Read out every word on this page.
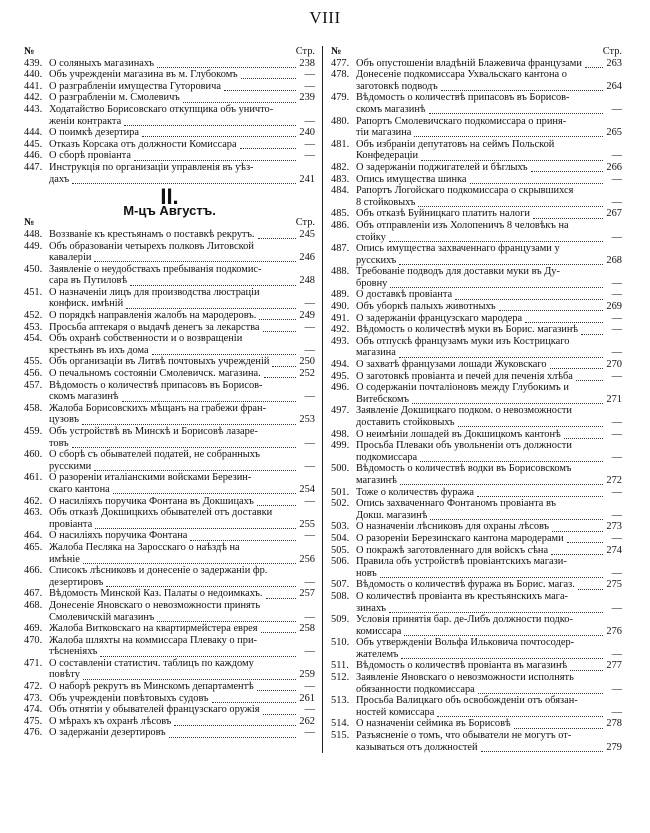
VIII
№	Стр.
439. О соляныхъ магазинахъ	238
440. Объ учрежденіи магазина въ м. Глубокомъ	—
441. О разграбленіи имущества Гуторовича	—
442. О разграбленіи м. Смолевичъ	239
443. Ходатайство Борисовскаго откупщика объ уничто-
женіи контракта	—
444. О поимкѣ дезертира	240
445. Отказъ Корсака отъ должности Комиссара	—
446. О сборѣ провіанта	—
447. Инструкція по организаціи управленія въ уѣз-
дахъ	241
II.
М-цъ Августъ.
№	Стр.
448. Воззваніе къ крестьянамъ о поставкѣ рекрутъ.	245
449. Объ образованіи четырехъ полковъ Литовской
кавалеріи	246
450. Заявленіе о неудобствахъ пребыванія подкомис-
сара въ Путиловѣ	248
451. О назначеніи лицъ для производства люстраціи
конфиск. имѣній	—
452. О порядкѣ направленія жалобъ на мародеровъ.	249
453. Просьба аптекаря о выдачѣ денегъ за лекарства	—
454. Объ охранѣ собственности и о возвращеніи
крестьянъ въ ихъ дома	—
455. Объ организаціи въ Литвѣ почтовыхъ учрежденій	250
456. О печальномъ состояніи Смолевичск. магазина.	252
457. Вѣдомость о количествѣ припасовъ въ Борисов-
скомъ магазинѣ	—
458. Жалоба Борисовскихъ мѣщанъ на грабежи фран-
цузовъ	253
459. Объ устройствѣ въ Минскѣ и Борисовѣ лазаре-
товъ	—
460. О сборѣ съ обывателей податей, не собранныхъ
русскими	—
461. О разореніи италіанскими войсками Березин-
скаго кантона	254
462. О насиліяхъ поручика Фонтана въ Докшицахъ	—
463. Объ отказѣ Докшицкихъ обывателей отъ доставки
провіанта	255
464. О насиліяхъ поручика Фонтана	—
465. Жалоба Песляка на Заросскаго о наѣздѣ на
имѣніе	256
466. Списокъ лѣсниковъ и донесеніе о задержаніи фр.
дезертировъ	—
467. Вѣдомость Минской Каз. Палаты о недоимкахъ.	257
468. Донесеніе Яновскаго о невозможности принять
Смолевичскій магазинъ	—
469. Жалоба Витковскаго на квартирмейстера еврея	258
470. Жалоба шляхты на коммиссара Плеваку о при-
тѣсненіяхъ	—
471. О составленіи статистич. таблицъ по каждому
повѣту	259
472. О наборѣ рекрутъ въ Минскомъ департаментѣ	—
473. Объ учрежденіи повѣтовыхъ судовъ	261
474. Объ отнятіи у обывателей французскаго оружія	—
475. О мѣрахъ къ охранѣ лѣсовъ	262
476. О задержаніи дезертировъ	—
№	Стр.
477. Объ опустошеніи владѣній Блажевича французами 263
478. Донесеніе подкомиссара Ухвальскаго кантона о
заготовкѣ подводъ	264
479. Вѣдомость о количествѣ припасовъ въ Борисов-
скомъ магазинѣ	—
480. Рапортъ Смолевичскаго подкомиссара о приня-
тіи магазина	265
481. Объ избраніи депутатовъ на сеймъ Польской
Конфедераціи	—
482. О задержаніи поджигателей и бѣглыхъ	266
483. Опись имущества шинка	—
484. Рапортъ Логойскаго подкомиссара о скрывшихся
8 стойковыхъ	—
485. Объ отказѣ Буйницкаго платить налоги	267
486. Объ отправленіи изъ Холопеничъ 8 человѣкъ на
стойку	—
487. Опись имущества захваченнаго французами у
русскихъ	268
488. Требованіе подводъ для доставки муки въ Ду-
бровну	—
489. О доставкѣ провіанта	—
490. Объ уборкѣ палыхъ животныхъ	269
491. О задержаніи французскаго мародера	—
492. Вѣдомость о количествѣ муки въ Борис. магазинѣ	—
493. Объ отпускѣ французамъ муки изъ Кострицкаго
магазина	—
494. О захватѣ французами лошади Жуковскаго	270
495. О заготовкѣ провіанта и печей для печенія хлѣба	—
496. О содержаніи почталіоновъ между Глубокимъ и
Витебскомъ	271
497. Заявленіе Докшицкаго подком. о невозможности
доставить стойковыхъ	—
498. О неимѣніи лошадей въ Докшицкомъ кантонѣ	—
499. Просьба Плеваки объ увольненіи отъ должности
подкомиссара	—
500. Вѣдомость о количествѣ водки въ Борисовскомъ
магазинѣ	272
501. Тоже о количествъ фуража	—
502. Опись захваченнаго Фонтаномъ провіанта въ
Докш. магазинѣ	—
503. О назначеніи лѣсниковъ для охраны лѣсовъ	273
504. О разореніи Березинскаго кантона мародерами	—
505. О покражѣ заготовленнаго для войскъ сѣна	274
506. Правила объ устройствѣ провіантскихъ магази-
новъ	—
507. Вѣдомость о количествѣ фуража въ Борис. магаз.	275
508. О количествѣ провіанта въ крестьянскихъ мага-
зинахъ	—
509. Условія принятія бар. де-Либъ должности подко-
комиссара	276
510. Объ утвержденіи Вольфа Ильковича почтосодер-
жателемъ	—
511. Вѣдомость о количествѣ провіанта въ магазинѣ	277
512. Заявленіе Яновскаго о невозможности исполнять
обязанности подкомиссара	—
513. Просьба Валицкаго объ освобожденіи отъ обязан-
ностей комиссара	—
514. О назначеніи сеймика въ Борисовѣ	278
515. Разъясненіе о томъ, что обыватели не могутъ от-
казываться отъ должностей	279
